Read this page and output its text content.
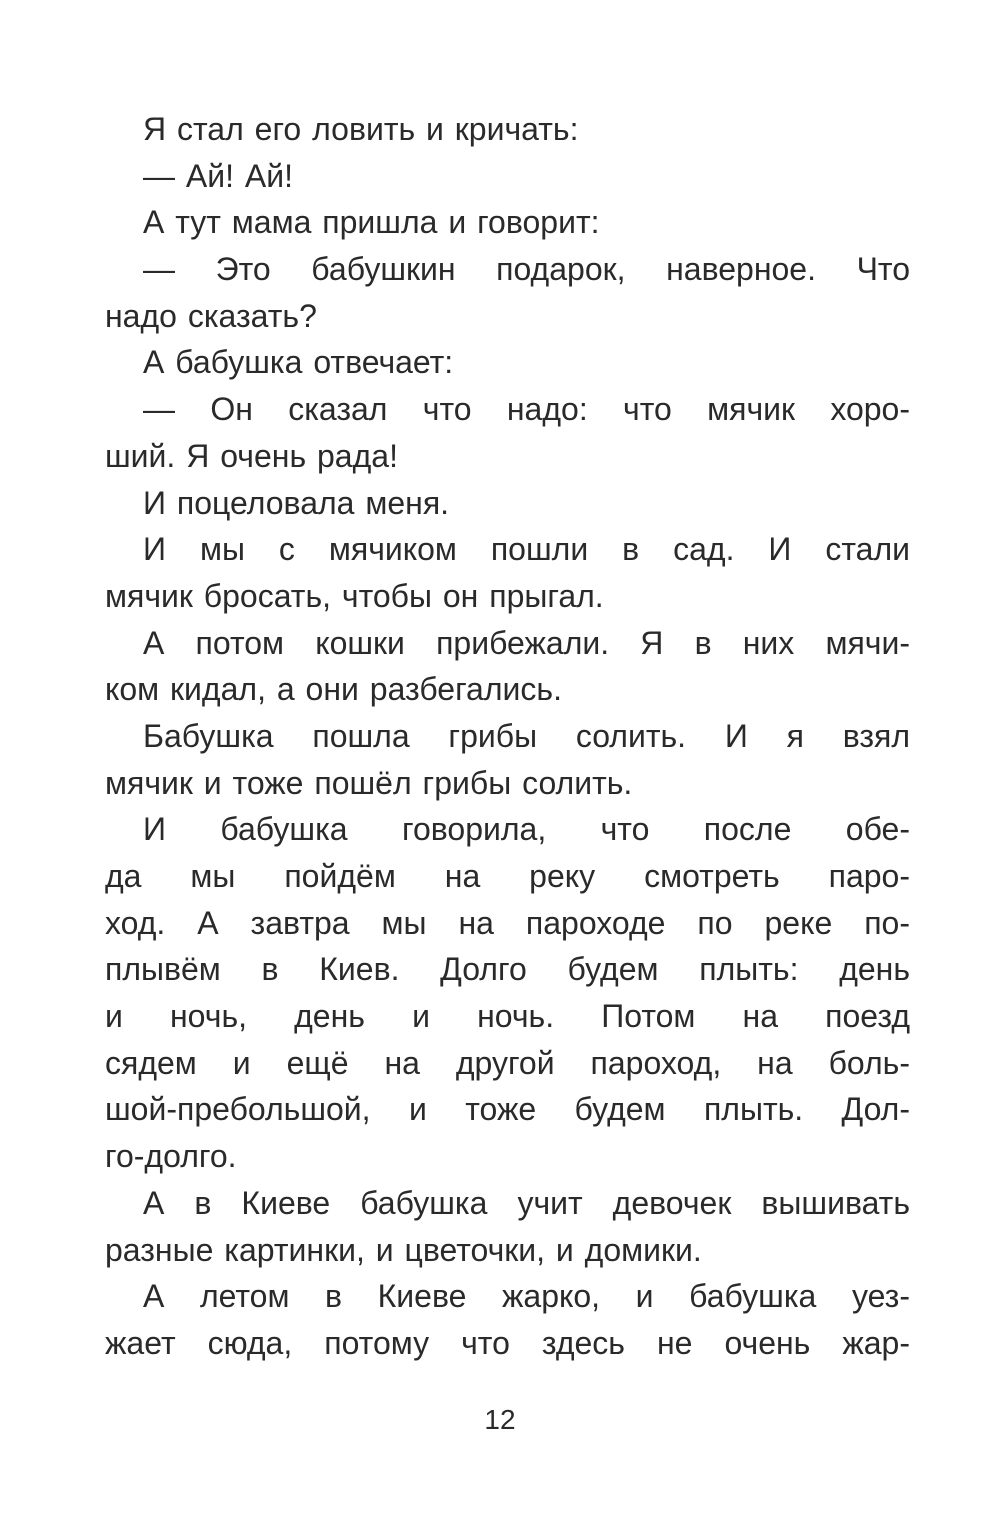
Я стал его ловить и кричать:
— Ай! Ай!
А тут мама пришла и говорит:
— Это бабушкин подарок, наверное. Что
надо сказать?
А бабушка отвечает:
— Он сказал что надо: что мячик хоро-
ший. Я очень рада!
И поцеловала меня.
И мы с мячиком пошли в сад. И стали
мячик бросать, чтобы он прыгал.
А потом кошки прибежали. Я в них мячи-
ком кидал, а они разбегались.
Бабушка пошла грибы солить. И я взял
мячик и тоже пошёл грибы солить.
И бабушка говорила, что после обе-
да мы пойдём на реку смотреть паро-
ход. А завтра мы на пароходе по реке по-
плывём в Киев. Долго будем плыть: день
и ночь, день и ночь. Потом на поезд
сядем и ещё на другой пароход, на боль-
шой-пребольшой, и тоже будем плыть. Дол-
го-долго.
А в Киеве бабушка учит девочек вышивать
разные картинки, и цветочки, и домики.
А летом в Киеве жарко, и бабушка уез-
жает сюда, потому что здесь не очень жар-
12
